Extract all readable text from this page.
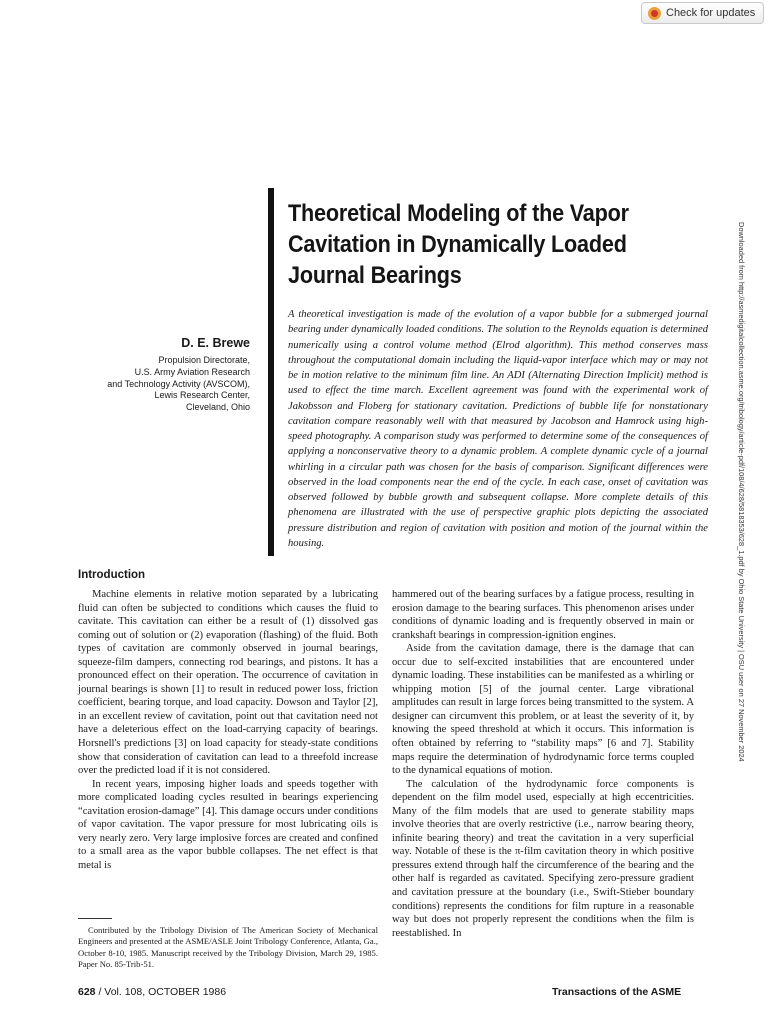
Check for updates
Theoretical Modeling of the Vapor
Cavitation in Dynamically Loaded
Journal Bearings

A theoretical investigation is made of the evolution of a vapor bubble for a submerged journal bearing under dynamically loaded conditions. The solution to the Reynolds equation is determined numerically using a control volume method (Elrod algorithm). This method conserves mass throughout the computational domain including the liquid-vapor interface which may or may not be in motion relative to the minimum film line. An ADI (Alternating Direction Implicit) method is used to effect the time march. Excellent agreement was found with the experimental work of Jakobsson and Floberg for stationary cavitation. Predictions of bubble life for nonstationary cavitation compare reasonably well with that measured by Jacobson and Hamrock using high-speed photography. A comparison study was performed to determine some of the consequences of applying a nonconservative theory to a dynamic problem. A complete dynamic cycle of a journal whirling in a circular path was chosen for the basis of comparison. Significant differences were observed in the load components near the end of the cycle. In each case, onset of cavitation was observed followed by bubble growth and subsequent collapse. More complete details of this phenomena are illustrated with the use of perspective graphic plots depicting the associated pressure distribution and region of cavitation with position and motion of the journal within the housing.

D. E. Brewe

Propulsion Directorate,
U.S. Army Aviation Research
and Technology Activity (AVSCOM),
Lewis Research Center,
Cleveland, Ohio

Introduction

Machine elements in relative motion separated by a lubricating fluid can often be subjected to conditions which causes the fluid to cavitate. This cavitation can either be a result of (1) dissolved gas coming out of solution or (2) evaporation (flashing) of the fluid. Both types of cavitation are commonly observed in journal bearings, squeeze-film dampers, connecting rod bearings, and pistons. It has a pronounced effect on their operation. The occurrence of cavitation in journal bearings is shown [1] to result in reduced power loss, friction coefficient, bearing torque, and load capacity. Dowson and Taylor [2], in an excellent review of cavitation, point out that cavitation need not have a deleterious effect on the load-carrying capacity of bearings. Horsnell's predictions [3] on load capacity for steady-state conditions show that consideration of cavitation can lead to a threefold increase over the predicted load if it is not considered.

In recent years, imposing higher loads and speeds together with more complicated loading cycles resulted in bearings experiencing “cavitation erosion-damage” [4]. This damage occurs under conditions of vapor cavitation. The vapor pressure for most lubricating oils is very nearly zero. Very large implosive forces are created and confined to a small area as the vapor bubble collapses. The net effect is that metal is

hammered out of the bearing surfaces by a fatigue process, resulting in erosion damage to the bearing surfaces. This phenomenon arises under conditions of dynamic loading and is frequently observed in main or crankshaft bearings in compression-ignition engines.

Aside from the cavitation damage, there is the damage that can occur due to self-excited instabilities that are encountered under dynamic loading. These instabilities can be manifested as a whirling or whipping motion [5] of the journal center. Large vibrational amplitudes can result in large forces being transmitted to the system. A designer can circumvent this problem, or at least the severity of it, by knowing the speed threshold at which it occurs. This information is often obtained by referring to “stability maps” [6 and 7]. Stability maps require the determination of hydrodynamic force terms coupled to the dynamical equations of motion.

The calculation of the hydrodynamic force components is dependent on the film model used, especially at high eccentricities. Many of the film models that are used to generate stability maps involve theories that are overly restrictive (i.e., narrow bearing theory, infinite bearing theory) and treat the cavitation in a very superficial way. Notable of these is the π-film cavitation theory in which positive pressures extend through half the circumference of the bearing and the other half is regarded as cavitated. Specifying zero-pressure gradient and cavitation pressure at the boundary (i.e., Swift-Stieber boundary conditions) represents the conditions for film rupture in a reasonable way but does not properly represent the conditions when the film is reestablished. In

Contributed by the Tribology Division of The American Society of Mechanical Engineers and presented at the ASME/ASLE Joint Tribology Conference, Atlanta, Ga., October 8-10, 1985. Manuscript received by the Tribology Division, March 29, 1985. Paper No. 85-Trib-51.

628 / Vol. 108, OCTOBER 1986	Transactions of the ASME

Downloaded from http://asmedigitalcollection.asme.org/tribology/article-pdf/108/4/628/5818353/628_1.pdf by Ohio State University | OSU user on 27 November 2024
